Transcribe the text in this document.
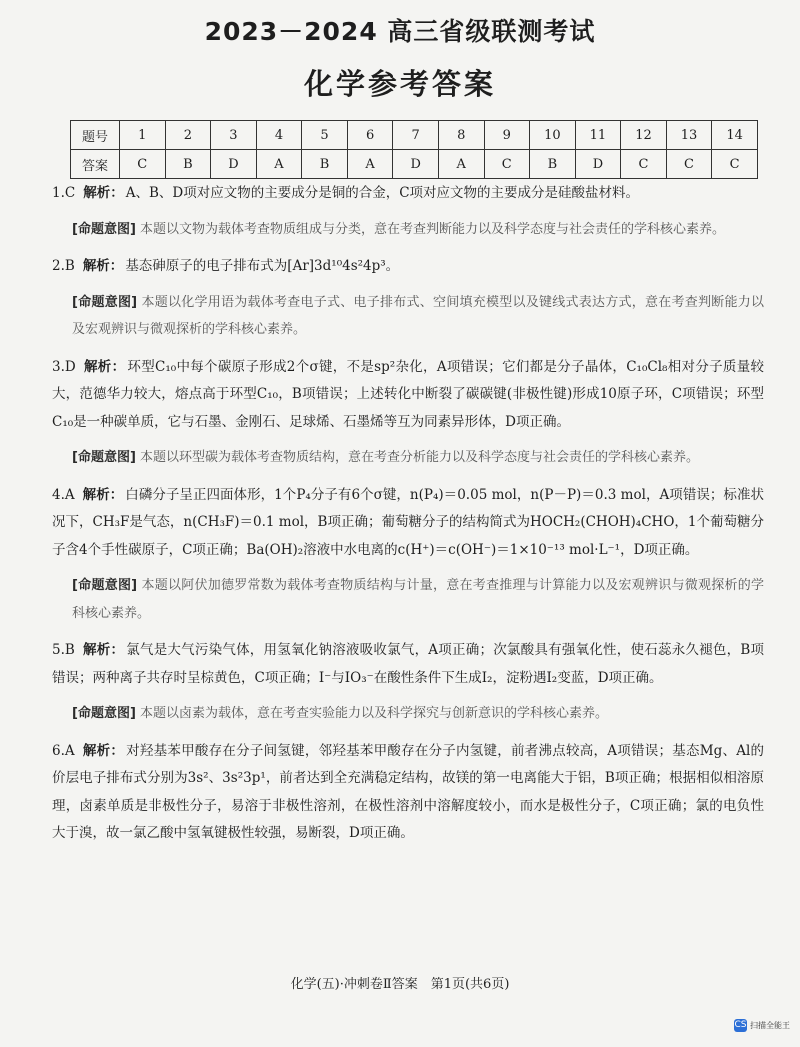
2023－2024 高三省级联测考试
化学参考答案
题号	1	2	3	4	5	6	7	8	9	10	11	12	13	14
答案	C	B	D	A	B	A	D	A	C	B	D	C	C	C

1.C 解析： A、B、D项对应文物的主要成分是铜的合金，C项对应文物的主要成分是硅酸盐材料。

[命题意图] 本题以文物为载体考查物质组成与分类，意在考查判断能力以及科学态度与社会责任的学科核心素养。

2.B 解析： 基态砷原子的电子排布式为[Ar]3d¹⁰4s²4p³。

[命题意图] 本题以化学用语为载体考查电子式、电子排布式、空间填充模型以及键线式表达方式，意在考查判断能力以及宏观辨识与微观探析的学科核心素养。

3.D 解析： 环型C₁₀中每个碳原子形成2个σ键，不是sp²杂化，A项错误；它们都是分子晶体，C₁₀Cl₈相对分子质量较大，范德华力较大，熔点高于环型C₁₀，B项错误；上述转化中断裂了碳碳键(非极性键)形成10原子环，C项错误；环型C₁₀是一种碳单质，它与石墨、金刚石、足球烯、石墨烯等互为同素异形体，D项正确。

[命题意图] 本题以环型碳为载体考查物质结构，意在考查分析能力以及科学态度与社会责任的学科核心素养。

4.A 解析： 白磷分子呈正四面体形，1个P₄分子有6个σ键，n(P₄)＝0.05 mol，n(P－P)＝0.3 mol，A项错误；标准状况下，CH₃F是气态，n(CH₃F)＝0.1 mol，B项正确；葡萄糖分子的结构简式为HOCH₂(CHOH)₄CHO，1个葡萄糖分子含4个手性碳原子，C项正确；Ba(OH)₂溶液中水电离的c(H⁺)＝c(OH⁻)＝1×10⁻¹³ mol·L⁻¹，D项正确。

[命题意图] 本题以阿伏加德罗常数为载体考查物质结构与计量，意在考查推理与计算能力以及宏观辨识与微观探析的学科核心素养。

5.B 解析： 氯气是大气污染气体，用氢氧化钠溶液吸收氯气，A项正确；次氯酸具有强氧化性，使石蕊永久褪色，B项错误；两种离子共存时呈棕黄色，C项正确；I⁻与IO₃⁻在酸性条件下生成I₂，淀粉遇I₂变蓝，D项正确。

[命题意图] 本题以卤素为载体，意在考查实验能力以及科学探究与创新意识的学科核心素养。

6.A 解析： 对羟基苯甲酸存在分子间氢键，邻羟基苯甲酸存在分子内氢键，前者沸点较高，A项错误；基态Mg、Al的价层电子排布式分别为3s²、3s²3p¹，前者达到全充满稳定结构，故镁的第一电离能大于铝，B项正确；根据相似相溶原理，卤素单质是非极性分子，易溶于非极性溶剂，在极性溶剂中溶解度较小，而水是极性分子，C项正确；氯的电负性大于溴，故一氯乙酸中氢氧键极性较强，易断裂，D项正确。

化学(五)·冲刺卷Ⅱ答案　第1页(共6页)
CS 扫描全能王
